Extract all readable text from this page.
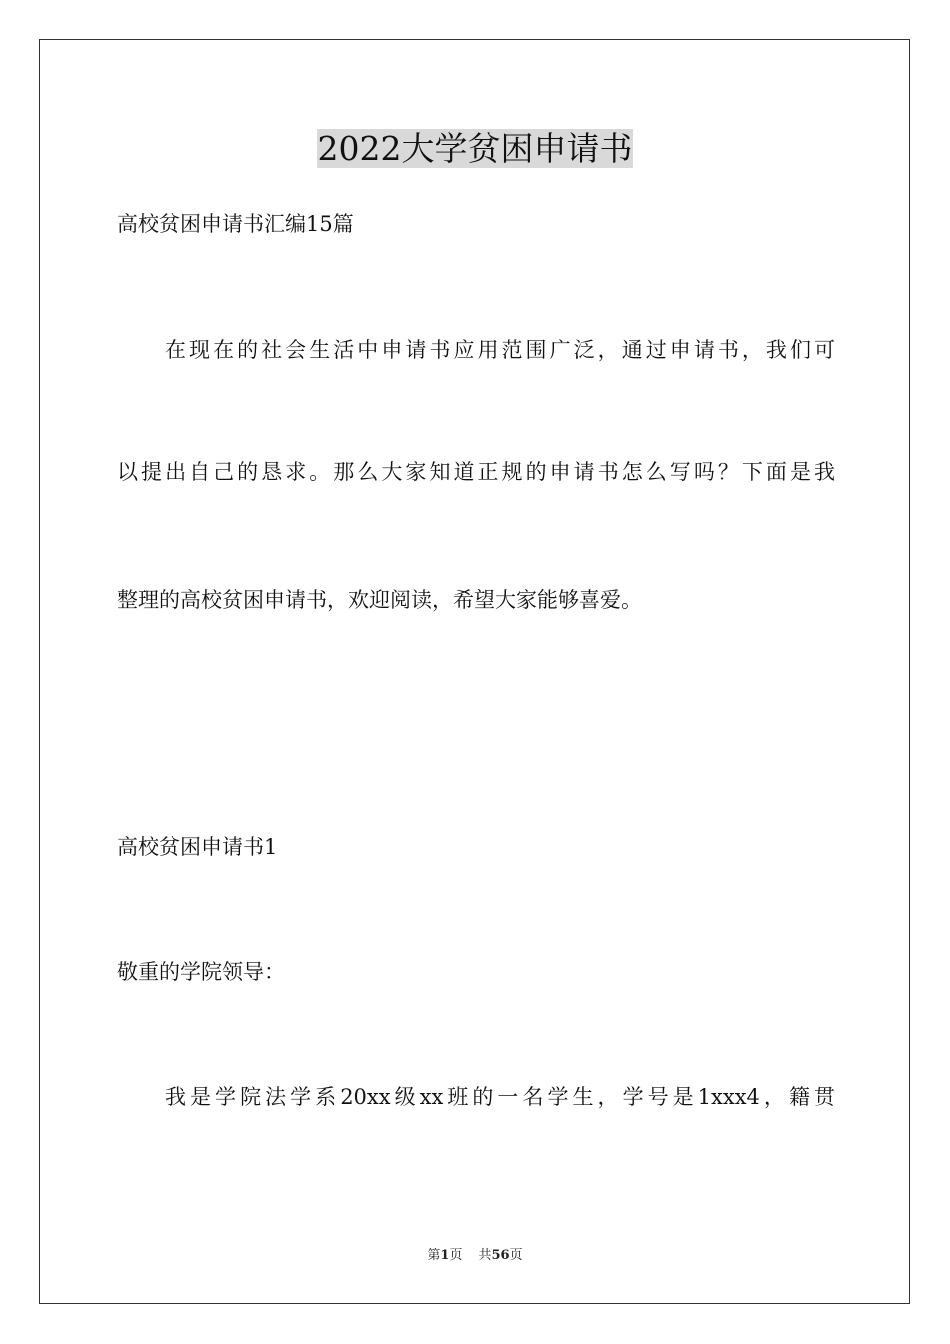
2022大学贫困申请书

高校贫困申请书汇编15篇

在现在的社会生活中申请书应用范围广泛，通过申请书，我们可

以提出自己的恳求。那么大家知道正规的申请书怎么写吗？下面是我

整理的高校贫困申请书，欢迎阅读，希望大家能够喜爱。

高校贫困申请书1

敬重的学院领导：

我是学院法学系20xx级xx班的一名学生，学号是1xxx4，籍贯

第1页 共56页
